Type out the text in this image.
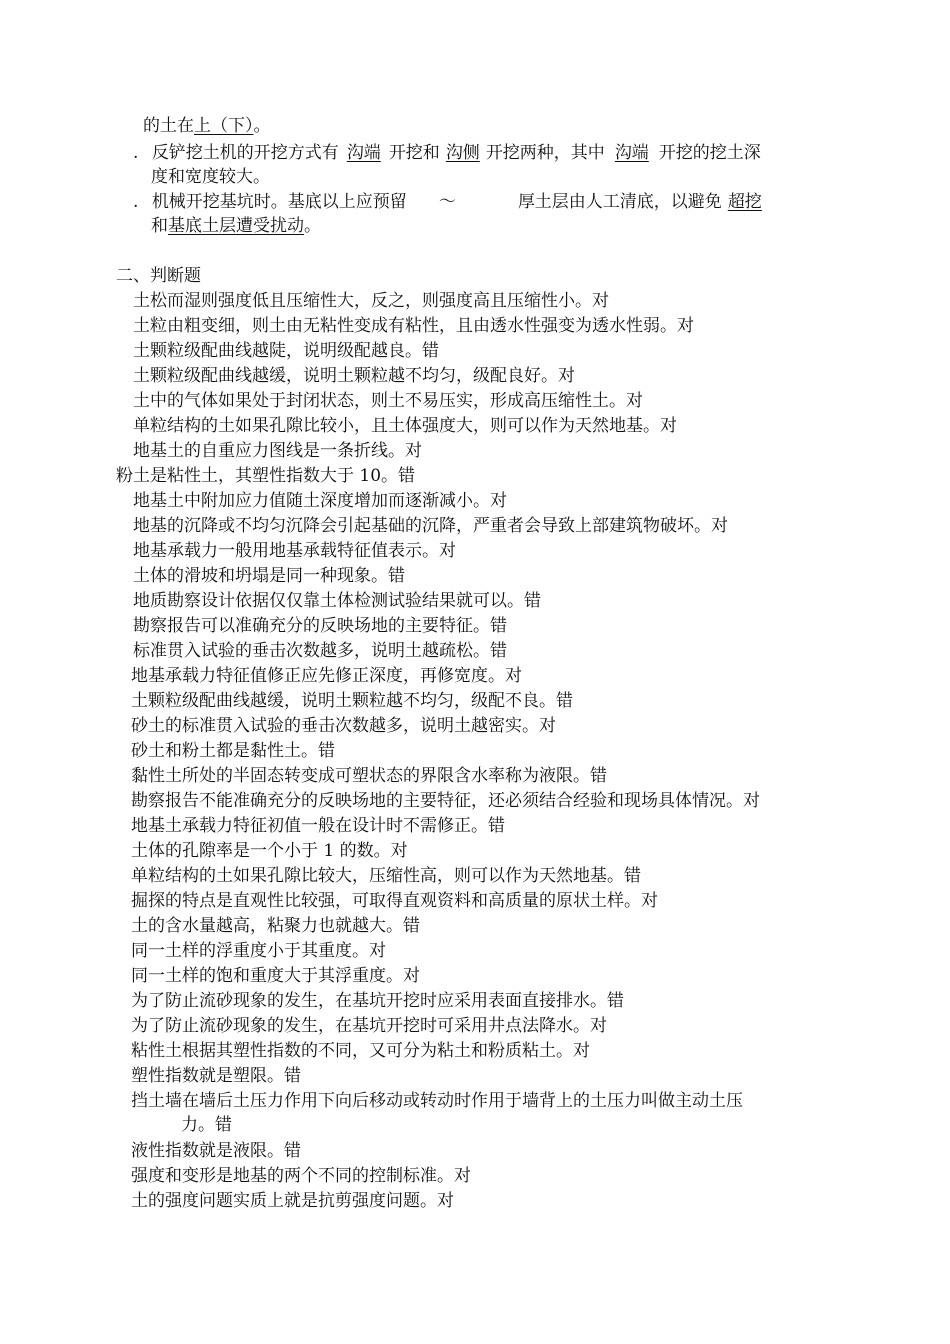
的土在上（下）。
. 反铲挖土机的开挖方式有 沟端 开挖和 沟侧 开挖两种，其中 沟端 开挖的挖土深
度和宽度较大。
. 机械开挖基坑时。基底以上应预留 ～	厚土层由人工清底，以避免 超挖
和基底土层遭受扰动。
二、判断题
土松而湿则强度低且压缩性大，反之，则强度高且压缩性小。对
土粒由粗变细，则土由无粘性变成有粘性，且由透水性强变为透水性弱。对
土颗粒级配曲线越陡，说明级配越良。错
土颗粒级配曲线越缓，说明土颗粒越不均匀，级配良好。对
土中的气体如果处于封闭状态，则土不易压实，形成高压缩性土。对
单粒结构的土如果孔隙比较小，且土体强度大，则可以作为天然地基。对
地基土的自重应力图线是一条折线。对
粉土是粘性土，其塑性指数大于 10。错
地基土中附加应力值随土深度增加而逐渐减小。对
地基的沉降或不均匀沉降会引起基础的沉降，严重者会导致上部建筑物破坏。对
地基承载力一般用地基承载特征值表示。对
土体的滑坡和坍塌是同一种现象。错
地质勘察设计依据仅仅靠土体检测试验结果就可以。错
勘察报告可以准确充分的反映场地的主要特征。错
标准贯入试验的垂击次数越多，说明土越疏松。错
地基承载力特征值修正应先修正深度，再修宽度。对
土颗粒级配曲线越缓，说明土颗粒越不均匀，级配不良。错
砂土的标准贯入试验的垂击次数越多，说明土越密实。对
砂土和粉土都是黏性土。错
黏性土所处的半固态转变成可塑状态的界限含水率称为液限。错
勘察报告不能准确充分的反映场地的主要特征，还必须结合经验和现场具体情况。对
地基土承载力特征初值一般在设计时不需修正。错
土体的孔隙率是一个小于 1 的数。对
单粒结构的土如果孔隙比较大，压缩性高，则可以作为天然地基。错
掘探的特点是直观性比较强，可取得直观资料和高质量的原状土样。对
土的含水量越高，粘聚力也就越大。错
同一土样的浮重度小于其重度。对
同一土样的饱和重度大于其浮重度。对
为了防止流砂现象的发生，在基坑开挖时应采用表面直接排水。错
为了防止流砂现象的发生，在基坑开挖时可采用井点法降水。对
粘性土根据其塑性指数的不同，又可分为粘土和粉质粘土。对
塑性指数就是塑限。错
挡土墙在墙后土压力作用下向后移动或转动时作用于墙背上的土压力叫做主动土压
力。错
液性指数就是液限。错
强度和变形是地基的两个不同的控制标准。对
土的强度问题实质上就是抗剪强度问题。对
